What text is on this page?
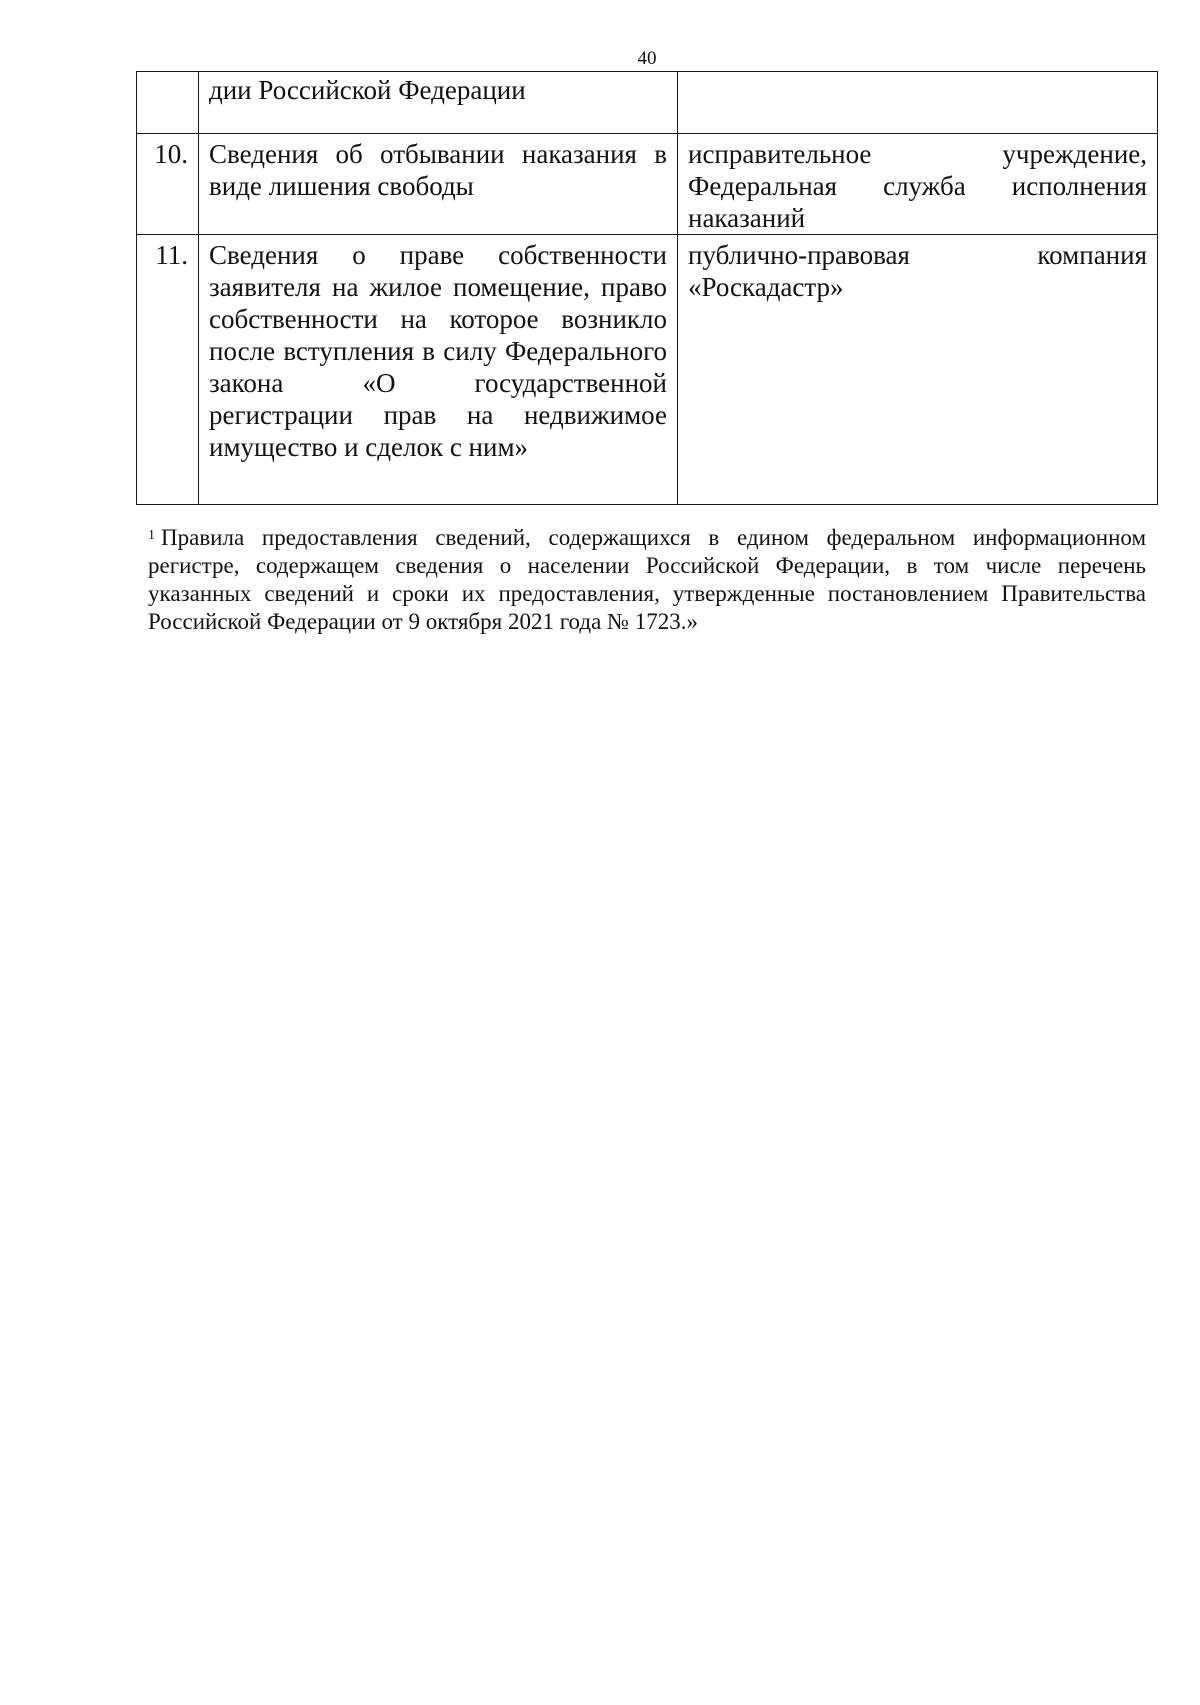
40
	дии Российской Федерации	
10.	Сведения об отбывании наказания в виде лишения свободы	исправительное учреждение, Федеральная служба исполнения наказаний
11.	Сведения о праве собственности заявителя на жилое помещение, право собственности на которое возникло после вступления в силу Федерального закона «О государственной регистрации прав на недвижимое имущество и сделок с ним»	публично-правовая компания «Роскадастр»
$^1$ Правила предоставления сведений, содержащихся в едином федеральном информационном регистре, содержащем сведения о населении Российской Федерации, в том числе перечень указанных сведений и сроки их предоставления, утвержденные постановлением Правительства Российской Федерации от 9 октября 2021 года № 1723.»
